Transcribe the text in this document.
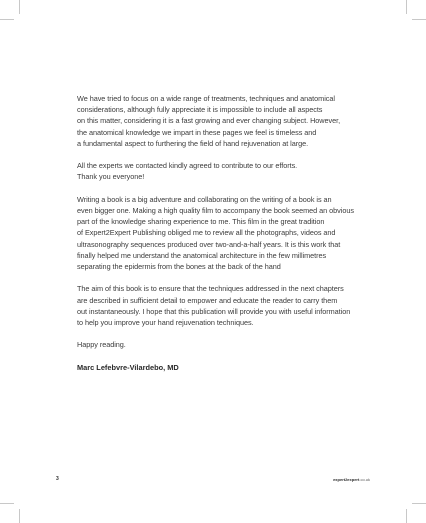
We have tried to focus on a wide range of treatments, techniques and anatomical
considerations, although fully appreciate it is impossible to include all aspects
on this matter, considering it is a fast growing and ever changing subject. However,
the anatomical knowledge we impart in these pages we feel is timeless and
a fundamental aspect to furthering the field of hand rejuvenation at large.
All the experts we contacted kindly agreed to contribute to our efforts.
Thank you everyone!
Writing a book is a big adventure and collaborating on the writing of a book is an
even bigger one. Making a high quality film to accompany the book seemed an obvious
part of the knowledge sharing experience to me. This film in the great tradition
of Expert2Expert Publishing obliged me to review all the photographs, videos and
ultrasonography sequences produced over two-and-a-half years. It is this work that
finally helped me understand the anatomical architecture in the few millimetres
separating the epidermis from the bones at the back of the hand
The aim of this book is to ensure that the techniques addressed in the next chapters
are described in sufficient detail to empower and educate the reader to carry them
out instantaneously. I hope that this publication will provide you with useful information
to help you improve your hand rejuvenation techniques.
Happy reading.
Marc Lefebvre-Vilardebo, MD
3	expert2expert.co.uk
